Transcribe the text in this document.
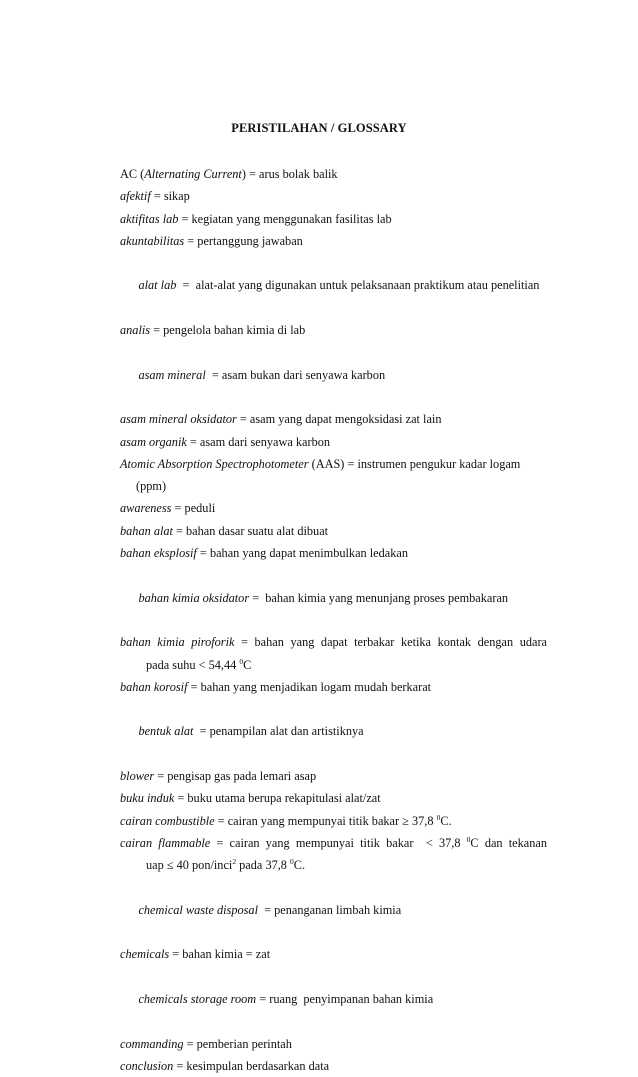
PERISTILAHAN / GLOSSARY
AC (Alternating Current) = arus bolak balik
afektif = sikap
aktifitas lab = kegiatan yang menggunakan fasilitas lab
akuntabilitas = pertanggung jawaban

alat lab  =  alat-alat yang digunakan untuk pelaksanaan praktikum atau penelitian

analis = pengelola bahan kimia di lab

asam mineral  = asam bukan dari senyawa karbon

asam mineral oksidator = asam yang dapat mengoksidasi zat lain
asam organik = asam dari senyawa karbon
Atomic Absorption Spectrophotometer (AAS) = instrumen pengukur kadar logam
(ppm)
awareness = peduli
bahan alat = bahan dasar suatu alat dibuat
bahan eksplosif = bahan yang dapat menimbulkan ledakan

bahan kimia oksidator =  bahan kimia yang menunjang proses pembakaran

bahan kimia piroforik = bahan yang dapat terbakar ketika kontak dengan udara
pada suhu < 54,44 $^0$C
bahan korosif = bahan yang menjadikan logam mudah berkarat

bentuk alat  = penampilan alat dan artistiknya

blower = pengisap gas pada lemari asap
buku induk = buku utama berupa rekapitulasi alat/zat
cairan combustible = cairan yang mempunyai titik bakar ≥ 37,8 $^0$C.
cairan flammable = cairan yang mempunyai titik bakar  < 37,8 $^0$C dan tekanan
uap ≤ 40 pon/inci$^2$ pada 37,8 $^0$C.

chemical waste disposal  = penanganan limbah kimia

chemicals = bahan kimia = zat

chemicals storage room = ruang  penyimpanan bahan kimia

commanding = pemberian perintah
conclusion = kesimpulan berdasarkan data
